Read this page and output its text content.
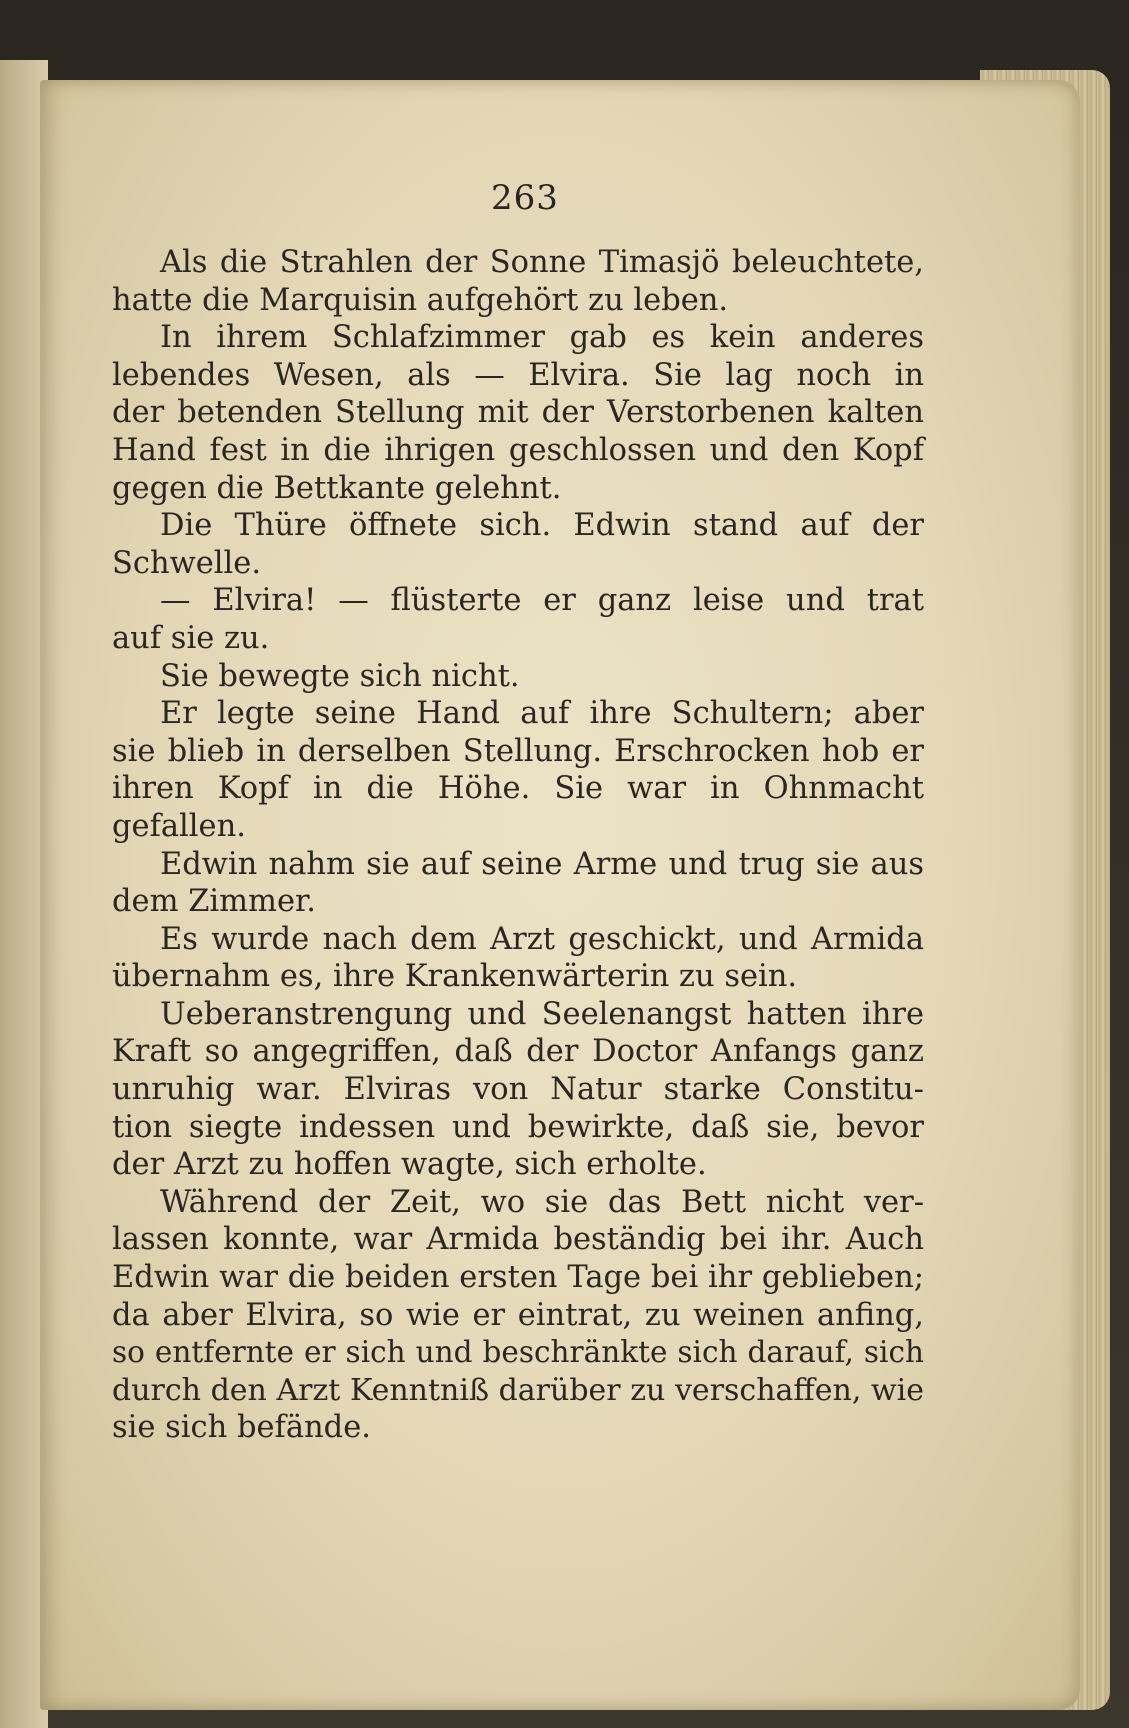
263
Als die Strahlen der Sonne Timasjö beleuchtete,
hatte die Marquisin aufgehört zu leben.
In ihrem Schlafzimmer gab es kein anderes
lebendes Wesen, als — Elvira. Sie lag noch in
der betenden Stellung mit der Verstorbenen kalten
Hand fest in die ihrigen geschlossen und den Kopf
gegen die Bettkante gelehnt.
Die Thüre öffnete sich. Edwin stand auf der
Schwelle.
— Elvira! — flüsterte er ganz leise und trat
auf sie zu.
Sie bewegte sich nicht.
Er legte seine Hand auf ihre Schultern; aber
sie blieb in derselben Stellung. Erschrocken hob er
ihren Kopf in die Höhe. Sie war in Ohnmacht
gefallen.
Edwin nahm sie auf seine Arme und trug sie aus
dem Zimmer.
Es wurde nach dem Arzt geschickt, und Armida
übernahm es, ihre Krankenwärterin zu sein.
Ueberanstrengung und Seelenangst hatten ihre
Kraft so angegriffen, daß der Doctor Anfangs ganz
unruhig war. Elviras von Natur starke Constitu-
tion siegte indessen und bewirkte, daß sie, bevor
der Arzt zu hoffen wagte, sich erholte.
Während der Zeit, wo sie das Bett nicht ver-
lassen konnte, war Armida beständig bei ihr. Auch
Edwin war die beiden ersten Tage bei ihr geblieben;
da aber Elvira, so wie er eintrat, zu weinen anfing,
so entfernte er sich und beschränkte sich darauf, sich
durch den Arzt Kenntniß darüber zu verschaffen, wie
sie sich befände.
